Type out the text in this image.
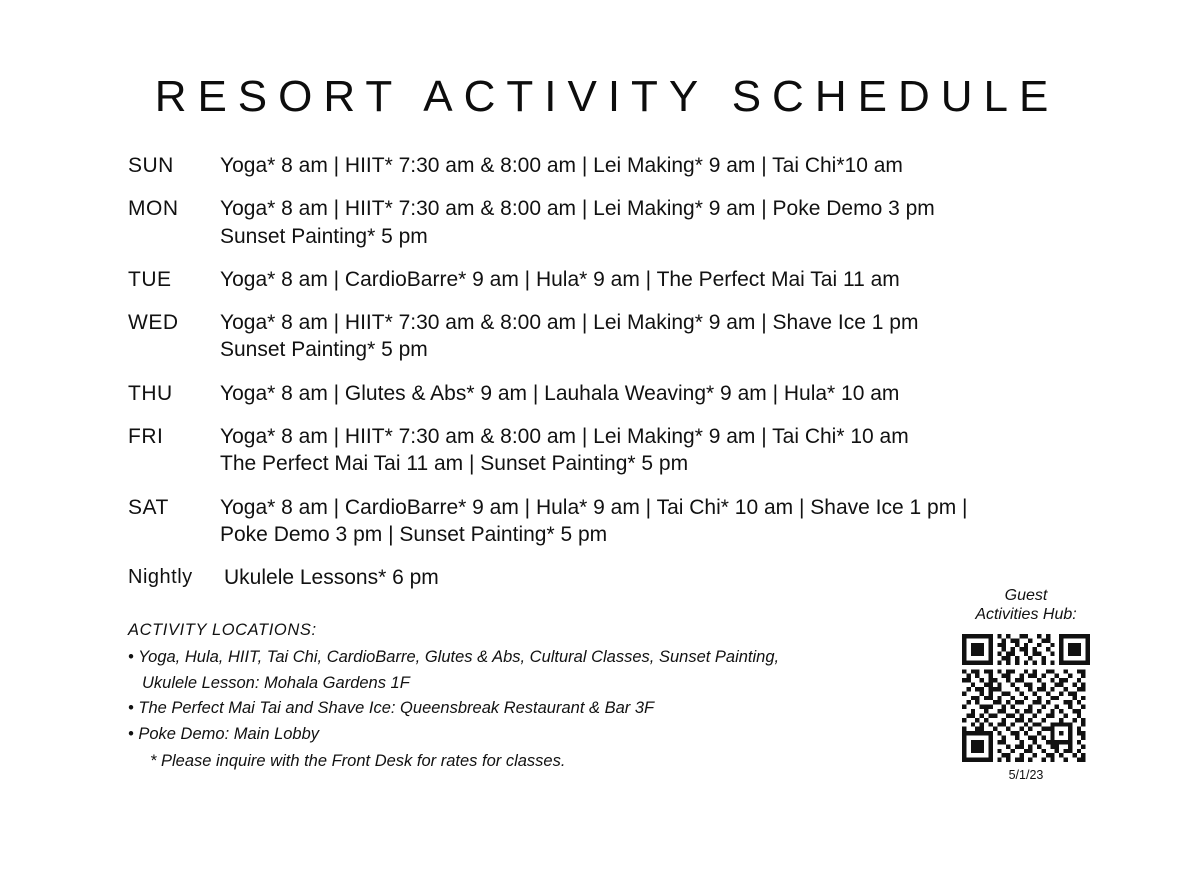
RESORT ACTIVITY SCHEDULE
SUN	Yoga* 8 am | HIIT* 7:30 am & 8:00 am | Lei Making* 9 am | Tai Chi*10 am
MON	Yoga* 8 am | HIIT* 7:30 am & 8:00 am | Lei Making* 9 am | Poke Demo 3 pm
Sunset Painting* 5 pm
TUE	Yoga* 8 am | CardioBarre* 9 am | Hula* 9 am | The Perfect Mai Tai 11 am
WED	Yoga* 8 am | HIIT* 7:30 am & 8:00 am | Lei Making* 9 am | Shave Ice 1 pm
Sunset Painting* 5 pm
THU	Yoga* 8 am | Glutes & Abs* 9 am | Lauhala Weaving* 9 am | Hula* 10 am
FRI	Yoga* 8 am | HIIT* 7:30 am & 8:00 am | Lei Making* 9 am | Tai Chi* 10 am
The Perfect Mai Tai 11 am | Sunset Painting* 5 pm
SAT	Yoga* 8 am | CardioBarre* 9 am | Hula* 9 am | Tai Chi* 10 am | Shave Ice 1 pm |
Poke Demo 3 pm | Sunset Painting* 5 pm
Nightly	Ukulele Lessons* 6 pm
ACTIVITY LOCATIONS:
• Yoga, Hula, HIIT, Tai Chi, CardioBarre, Glutes & Abs, Cultural Classes, Sunset Painting,
Ukulele Lesson: Mohala Gardens 1F
• The Perfect Mai Tai and Shave Ice: Queensbreak Restaurant & Bar 3F
• Poke Demo: Main Lobby
* Please inquire with the Front Desk for rates for classes.
Guest
Activities Hub:
5/1/23
